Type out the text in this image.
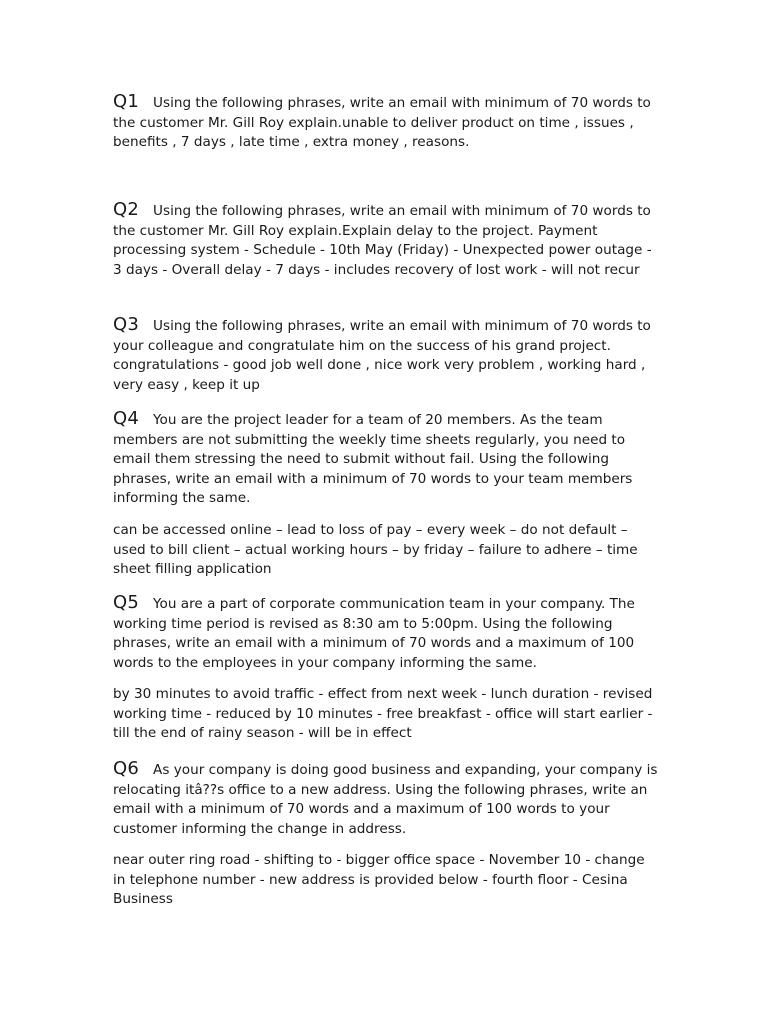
Q1 Using the following phrases, write an email with minimum of 70 words to the customer Mr. Gill Roy explain.unable to deliver product on time , issues , benefits , 7 days , late time , extra money , reasons.

Q2 Using the following phrases, write an email with minimum of 70 words to the customer Mr. Gill Roy explain.Explain delay to the project. Payment processing system - Schedule - 10th May (Friday) - Unexpected power outage - 3 days - Overall delay - 7 days - includes recovery of lost work - will not recur

Q3 Using the following phrases, write an email with minimum of 70 words to your colleague and congratulate him on the success of his grand project. congratulations - good job well done , nice work very problem , working hard , very easy , keep it up

Q4 You are the project leader for a team of 20 members. As the team members are not submitting the weekly time sheets regularly, you need to email them stressing the need to submit without fail. Using the following phrases, write an email with a minimum of 70 words to your team members informing the same.

can be accessed online – lead to loss of pay – every week – do not default – used to bill client – actual working hours – by friday – failure to adhere – time sheet filling application

Q5 You are a part of corporate communication team in your company. The working time period is revised as 8:30 am to 5:00pm. Using the following phrases, write an email with a minimum of 70 words and a maximum of 100 words to the employees in your company informing the same.

by 30 minutes to avoid traffic - effect from next week - lunch duration - revised working time - reduced by 10 minutes - free breakfast - office will start earlier - till the end of rainy season - will be in effect

Q6 As your company is doing good business and expanding, your company is relocating itâ??s office to a new address. Using the following phrases, write an email with a minimum of 70 words and a maximum of 100 words to your customer informing the change in address.

near outer ring road - shifting to - bigger office space - November 10 - change in telephone number - new address is provided below - fourth floor - Cesina Business
